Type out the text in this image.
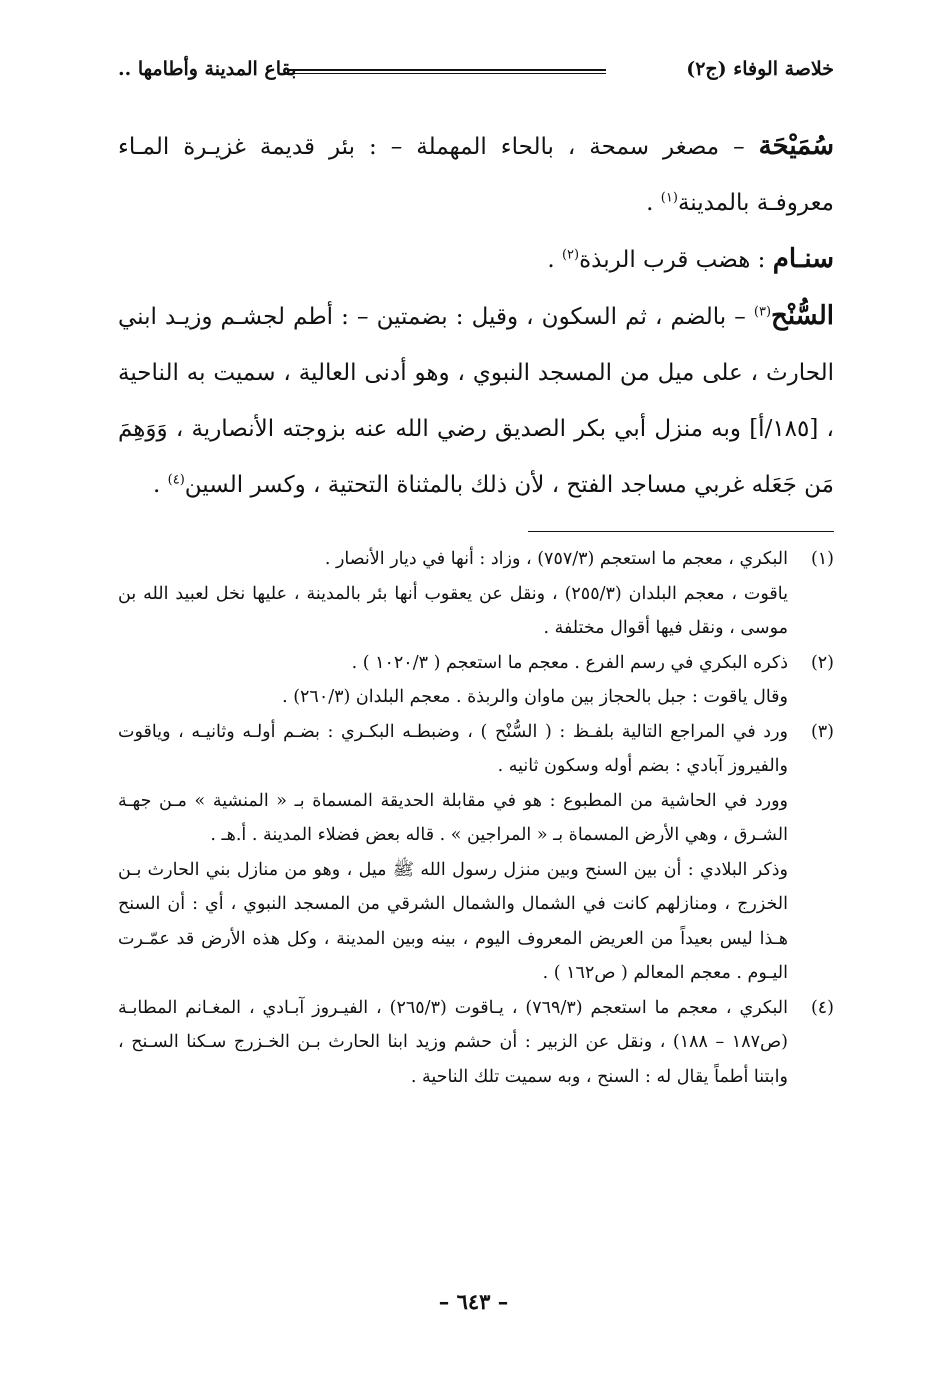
خلاصة الوفاء (ج٢)
بقاع المدينة وأطامها ..

سُمَيْحَة – مصغر سمحة ، بالحاء المهملة – : بئر قديمة غزيـرة المـاء معروفـة بالمدينة$^{(١)}$ .

سنـام : هضب قرب الربذة$^{(٢)}$ .

السُّنْح$^{(٣)}$ – بالضم ، ثم السكون ، وقيل : بضمتين – : أطم لجشـم وزيـد ابني الحارث ، على ميل من المسجد النبوي ، وهو أدنى العالية ، سميت به الناحية ، [١٨٥/أ] وبه منزل أبي بكر الصديق رضي الله عنه بزوجته الأنصارية ، وَوَهِمَ مَن جَعَله غربي مساجد الفتح ، لأن ذلك بالمثناة التحتية ، وكسر السين$^{(٤)}$ .

(١)

البكري ، معجم ما استعجم (٧٥٧/٣) ، وزاد : أنها في ديار الأنصار .

ياقوت ، معجم البلدان (٢٥٥/٣) ، ونقل عن يعقوب أنها بئر بالمدينة ، عليها نخل لعبيد الله بن موسى ، ونقل فيها أقوال مختلفة .

(٢)

ذكره البكري في رسم الفرع . معجم ما استعجم ( ١٠٢٠/٣ ) .

وقال ياقوت : جبل بالحجاز بين ماوان والربذة . معجم البلدان (٢٦٠/٣) .

(٣)

ورد في المراجع التالية بلفـظ : ( السُّنْح ) ، وضبطـه البكـري : بضـم أولـه وثانيـه ، وياقوت والفيروز آبادي : بضم أوله وسكون ثانيه .

وورد في الحاشية من المطبوع : هو في مقابلة الحديقة المسماة بـ « المنشية » مـن جهـة الشـرق ، وهي الأرض المسماة بـ « المراجين » . قاله بعض فضلاء المدينة . أ.هـ .

وذكر البلادي : أن بين السنح وبين منزل رسول الله ﷺ ميل ، وهو من منازل بني الحارث بـن الخزرج ، ومنازلهم كانت في الشمال والشمال الشرقي من المسجد النبوي ، أي : أن السنح هـذا ليس بعيداً من العريض المعروف اليوم ، بينه وبين المدينة ، وكل هذه الأرض قد عمّـرت اليـوم . معجم المعالم ( ص١٦٢ ) .

(٤)

البكري ، معجم ما استعجم (٧٦٩/٣) ، يـاقوت (٢٦٥/٣) ، الفيـروز آبـادي ، المغـانم المطابـة (ص١٨٧ – ١٨٨) ، ونقل عن الزبير : أن حشم وزيد ابنا الحارث بـن الخـزرج سـكنا السـنح ، وابتنا أطماً يقال له : السنح ، وبه سميت تلك الناحية .

– ٦٤٣ –
